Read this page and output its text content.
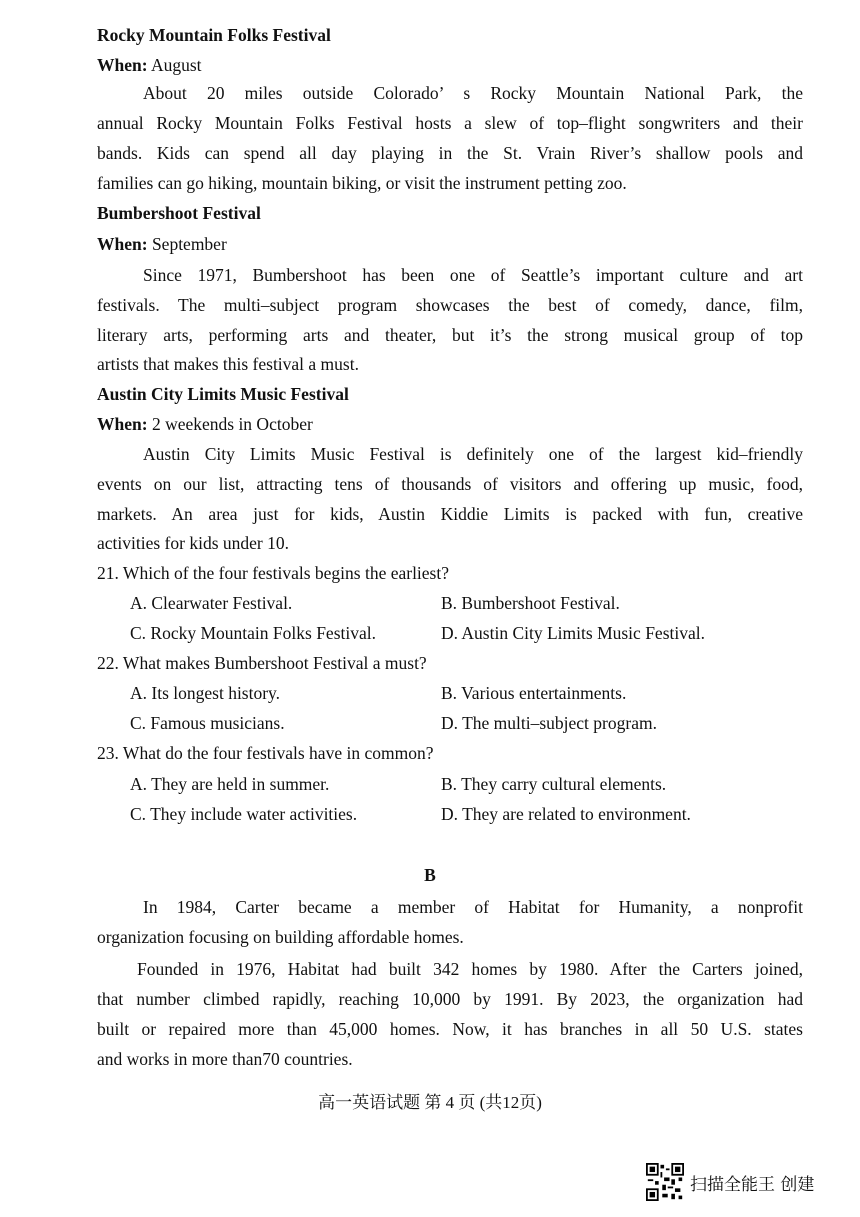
Rocky Mountain Folks Festival
When: August
About 20 miles outside Colorado’ s Rocky Mountain National Park, the
annual Rocky Mountain Folks Festival hosts a slew of top–flight songwriters and their
bands. Kids can spend all day playing in the St. Vrain River’s shallow pools and
families can go hiking, mountain biking, or visit the instrument petting zoo.
Bumbershoot Festival
When: September
Since 1971, Bumbershoot has been one of Seattle’s important culture and art
festivals. The multi–subject program showcases the best of comedy, dance, film,
literary arts, performing arts and theater, but it’s the strong musical group of top
artists that makes this festival a must.
Austin City Limits Music Festival
When: 2 weekends in October
Austin City Limits Music Festival is definitely one of the largest kid–friendly
events on our list, attracting tens of thousands of visitors and offering up music, food,
markets. An area just for kids, Austin Kiddie Limits is packed with fun, creative
activities for kids under 10.
21. Which of the four festivals begins the earliest?
A. Clearwater Festival.	B. Bumbershoot Festival.
C. Rocky Mountain Folks Festival.	D. Austin City Limits Music Festival.
22. What makes Bumbershoot Festival a must?
A. Its longest history.	B. Various entertainments.
C. Famous musicians.	D. The multi–subject program.
23. What do the four festivals have in common?
A. They are held in summer.	B. They carry cultural elements.
C. They include water activities.	D. They are related to environment.
B
In 1984, Carter became a member of Habitat for Humanity, a nonprofit
organization focusing on building affordable homes.
Founded in 1976, Habitat had built 342 homes by 1980. After the Carters joined,
that number climbed rapidly, reaching 10,000 by 1991. By 2023, the organization had
built or repaired more than 45,000 homes. Now, it has branches in all 50 U.S. states
and works in more than70 countries.
高一英语试题 第 4 页 (共12页)
扫描全能王 创建
